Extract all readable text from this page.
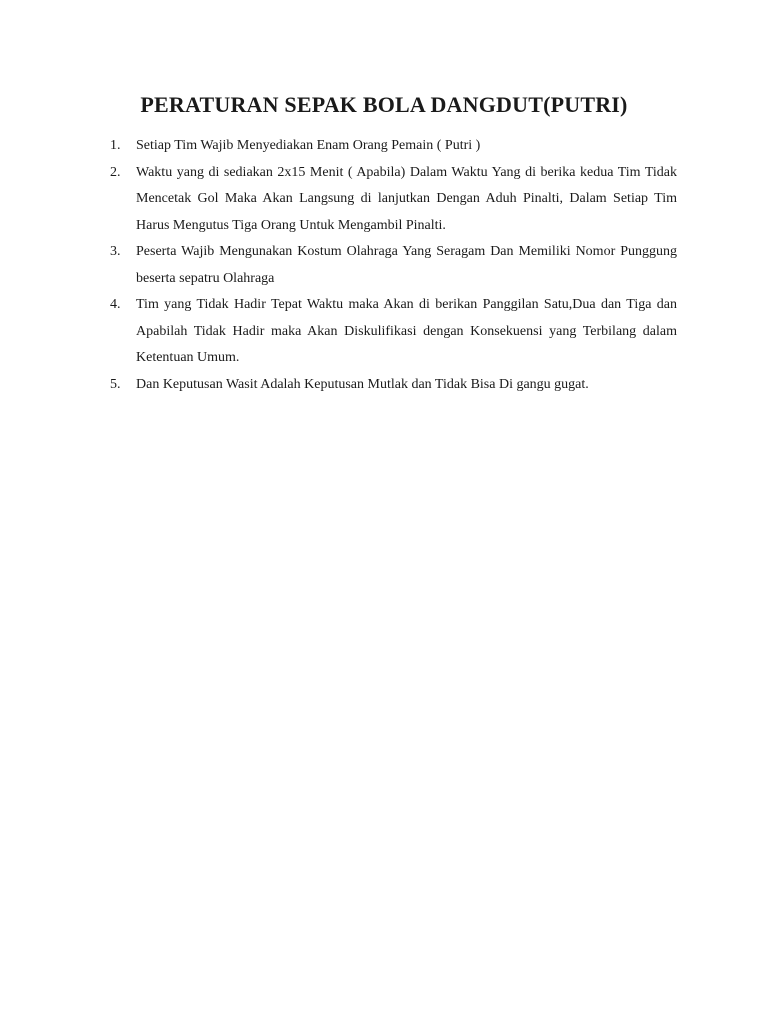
PERATURAN SEPAK BOLA DANGDUT(PUTRI)
1.	Setiap Tim Wajib Menyediakan Enam Orang Pemain ( Putri )
2.	Waktu yang di sediakan 2x15 Menit ( Apabila) Dalam Waktu Yang di berika kedua Tim Tidak Mencetak Gol Maka Akan Langsung di lanjutkan Dengan Aduh Pinalti, Dalam Setiap Tim Harus Mengutus Tiga Orang Untuk Mengambil Pinalti.
3.	Peserta Wajib Mengunakan Kostum Olahraga Yang Seragam Dan Memiliki Nomor Punggung beserta sepatru Olahraga
4.	Tim yang Tidak Hadir Tepat Waktu maka Akan di berikan Panggilan Satu,Dua dan Tiga dan Apabilah Tidak Hadir maka Akan Diskulifikasi dengan Konsekuensi yang Terbilang dalam Ketentuan Umum.
5.	Dan Keputusan Wasit Adalah Keputusan Mutlak dan Tidak Bisa Di gangu gugat.
